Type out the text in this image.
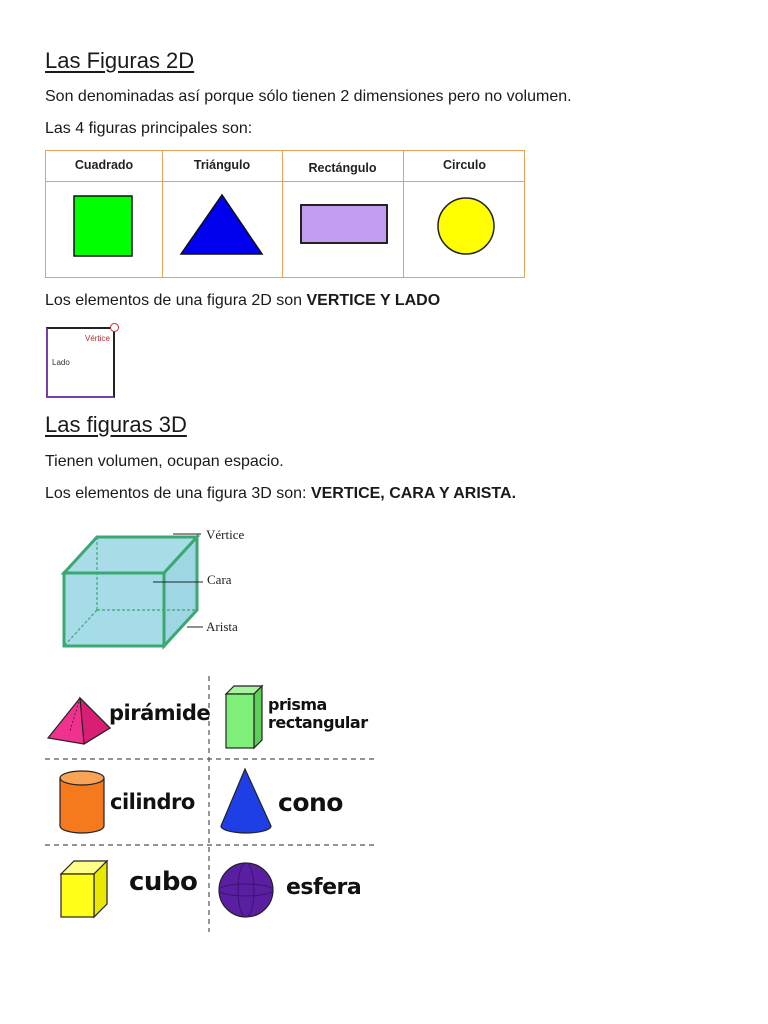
Las Figuras 2D
Son denominadas así porque sólo tienen 2 dimensiones pero no volumen.
Las 4 figuras principales son:
Cuadrado	Triángulo	Rectángulo	Circulo
Los elementos de una figura 2D son VERTICE Y LADO
Vértice
Lado
Las figuras 3D
Tienen volumen, ocupan espacio.
Los elementos de una figura 3D son: VERTICE, CARA Y ARISTA.
Vértice
Cara
Arista
pirámide	prisma
rectangular
cilindro	cono
cubo	esfera
